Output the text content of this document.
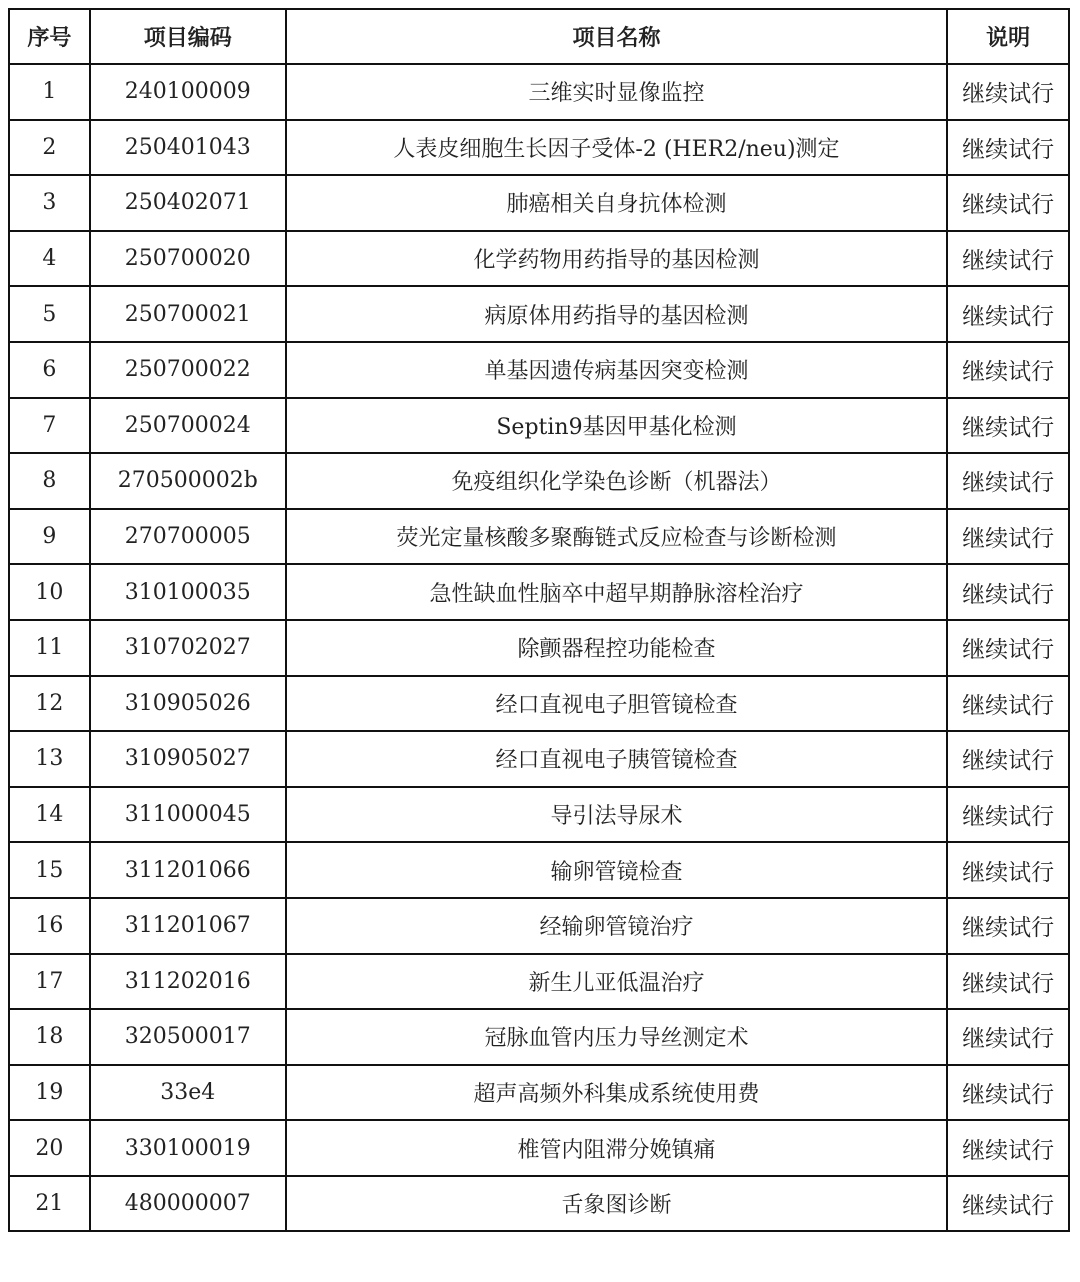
序号	项目编码	项目名称	说明
1	240100009	三维实时显像监控	继续试行
2	250401043	人表皮细胞生长因子受体-2 (HER2/neu)测定	继续试行
3	250402071	肺癌相关自身抗体检测	继续试行
4	250700020	化学药物用药指导的基因检测	继续试行
5	250700021	病原体用药指导的基因检测	继续试行
6	250700022	单基因遗传病基因突变检测	继续试行
7	250700024	Septin9基因甲基化检测	继续试行
8	270500002b	免疫组织化学染色诊断（机器法）	继续试行
9	270700005	荧光定量核酸多聚酶链式反应检查与诊断检测	继续试行
10	310100035	急性缺血性脑卒中超早期静脉溶栓治疗	继续试行
11	310702027	除颤器程控功能检查	继续试行
12	310905026	经口直视电子胆管镜检查	继续试行
13	310905027	经口直视电子胰管镜检查	继续试行
14	311000045	导引法导尿术	继续试行
15	311201066	输卵管镜检查	继续试行
16	311201067	经输卵管镜治疗	继续试行
17	311202016	新生儿亚低温治疗	继续试行
18	320500017	冠脉血管内压力导丝测定术	继续试行
19	33e4	超声高频外科集成系统使用费	继续试行
20	330100019	椎管内阻滞分娩镇痛	继续试行
21	480000007	舌象图诊断	继续试行
